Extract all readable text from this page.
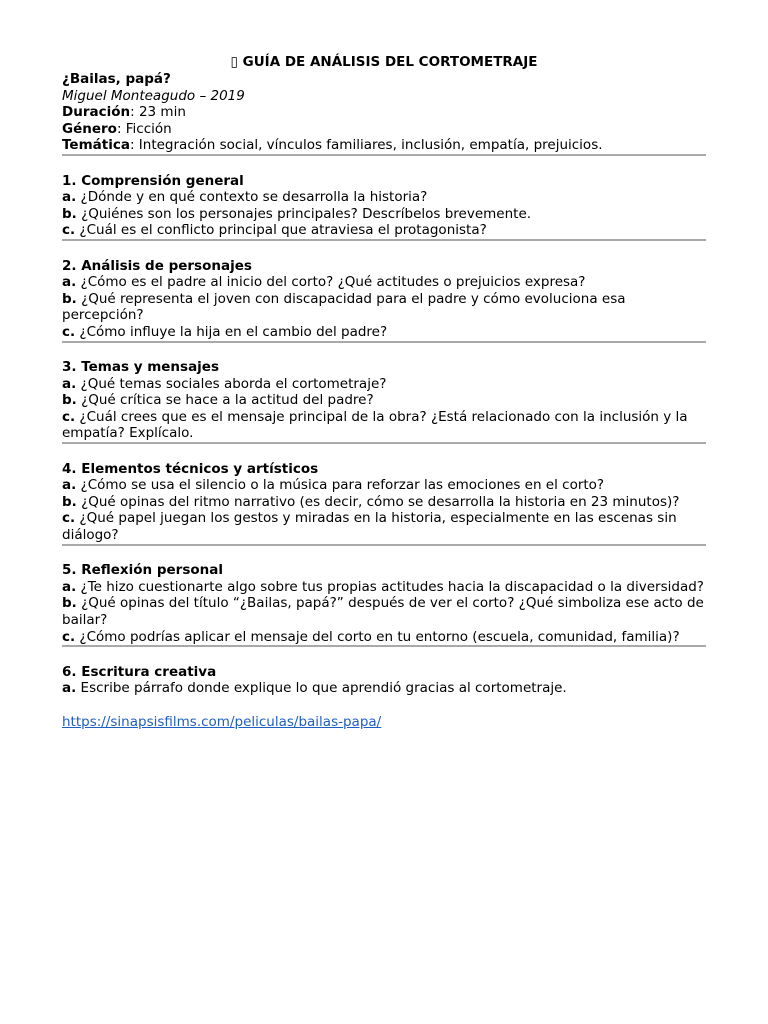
▯ GUÍA DE ANÁLISIS DEL CORTOMETRAJE

¿Bailas, papá?

Miguel Monteagudo – 2019

Duración: 23 min

Género: Ficción

Temática: Integración social, vínculos familiares, inclusión, empatía, prejuicios.

1. Comprensión general

a. ¿Dónde y en qué contexto se desarrolla la historia?

b. ¿Quiénes son los personajes principales? Descríbelos brevemente.

c. ¿Cuál es el conflicto principal que atraviesa el protagonista?

2. Análisis de personajes

a. ¿Cómo es el padre al inicio del corto? ¿Qué actitudes o prejuicios expresa?

b. ¿Qué representa el joven con discapacidad para el padre y cómo evoluciona esa percepción?

c. ¿Cómo influye la hija en el cambio del padre?

3. Temas y mensajes

a. ¿Qué temas sociales aborda el cortometraje?

b. ¿Qué crítica se hace a la actitud del padre?

c. ¿Cuál crees que es el mensaje principal de la obra? ¿Está relacionado con la inclusión y la empatía? Explícalo.

4. Elementos técnicos y artísticos

a. ¿Cómo se usa el silencio o la música para reforzar las emociones en el corto?

b. ¿Qué opinas del ritmo narrativo (es decir, cómo se desarrolla la historia en 23 minutos)?

c. ¿Qué papel juegan los gestos y miradas en la historia, especialmente en las escenas sin diálogo?

5. Reflexión personal

a. ¿Te hizo cuestionarte algo sobre tus propias actitudes hacia la discapacidad o la diversidad?

b. ¿Qué opinas del título “¿Bailas, papá?” después de ver el corto? ¿Qué simboliza ese acto de bailar?

c. ¿Cómo podrías aplicar el mensaje del corto en tu entorno (escuela, comunidad, familia)?

6. Escritura creativa

a. Escribe párrafo donde explique lo que aprendió gracias al cortometraje.

https://sinapsisfilms.com/peliculas/bailas-papa/
